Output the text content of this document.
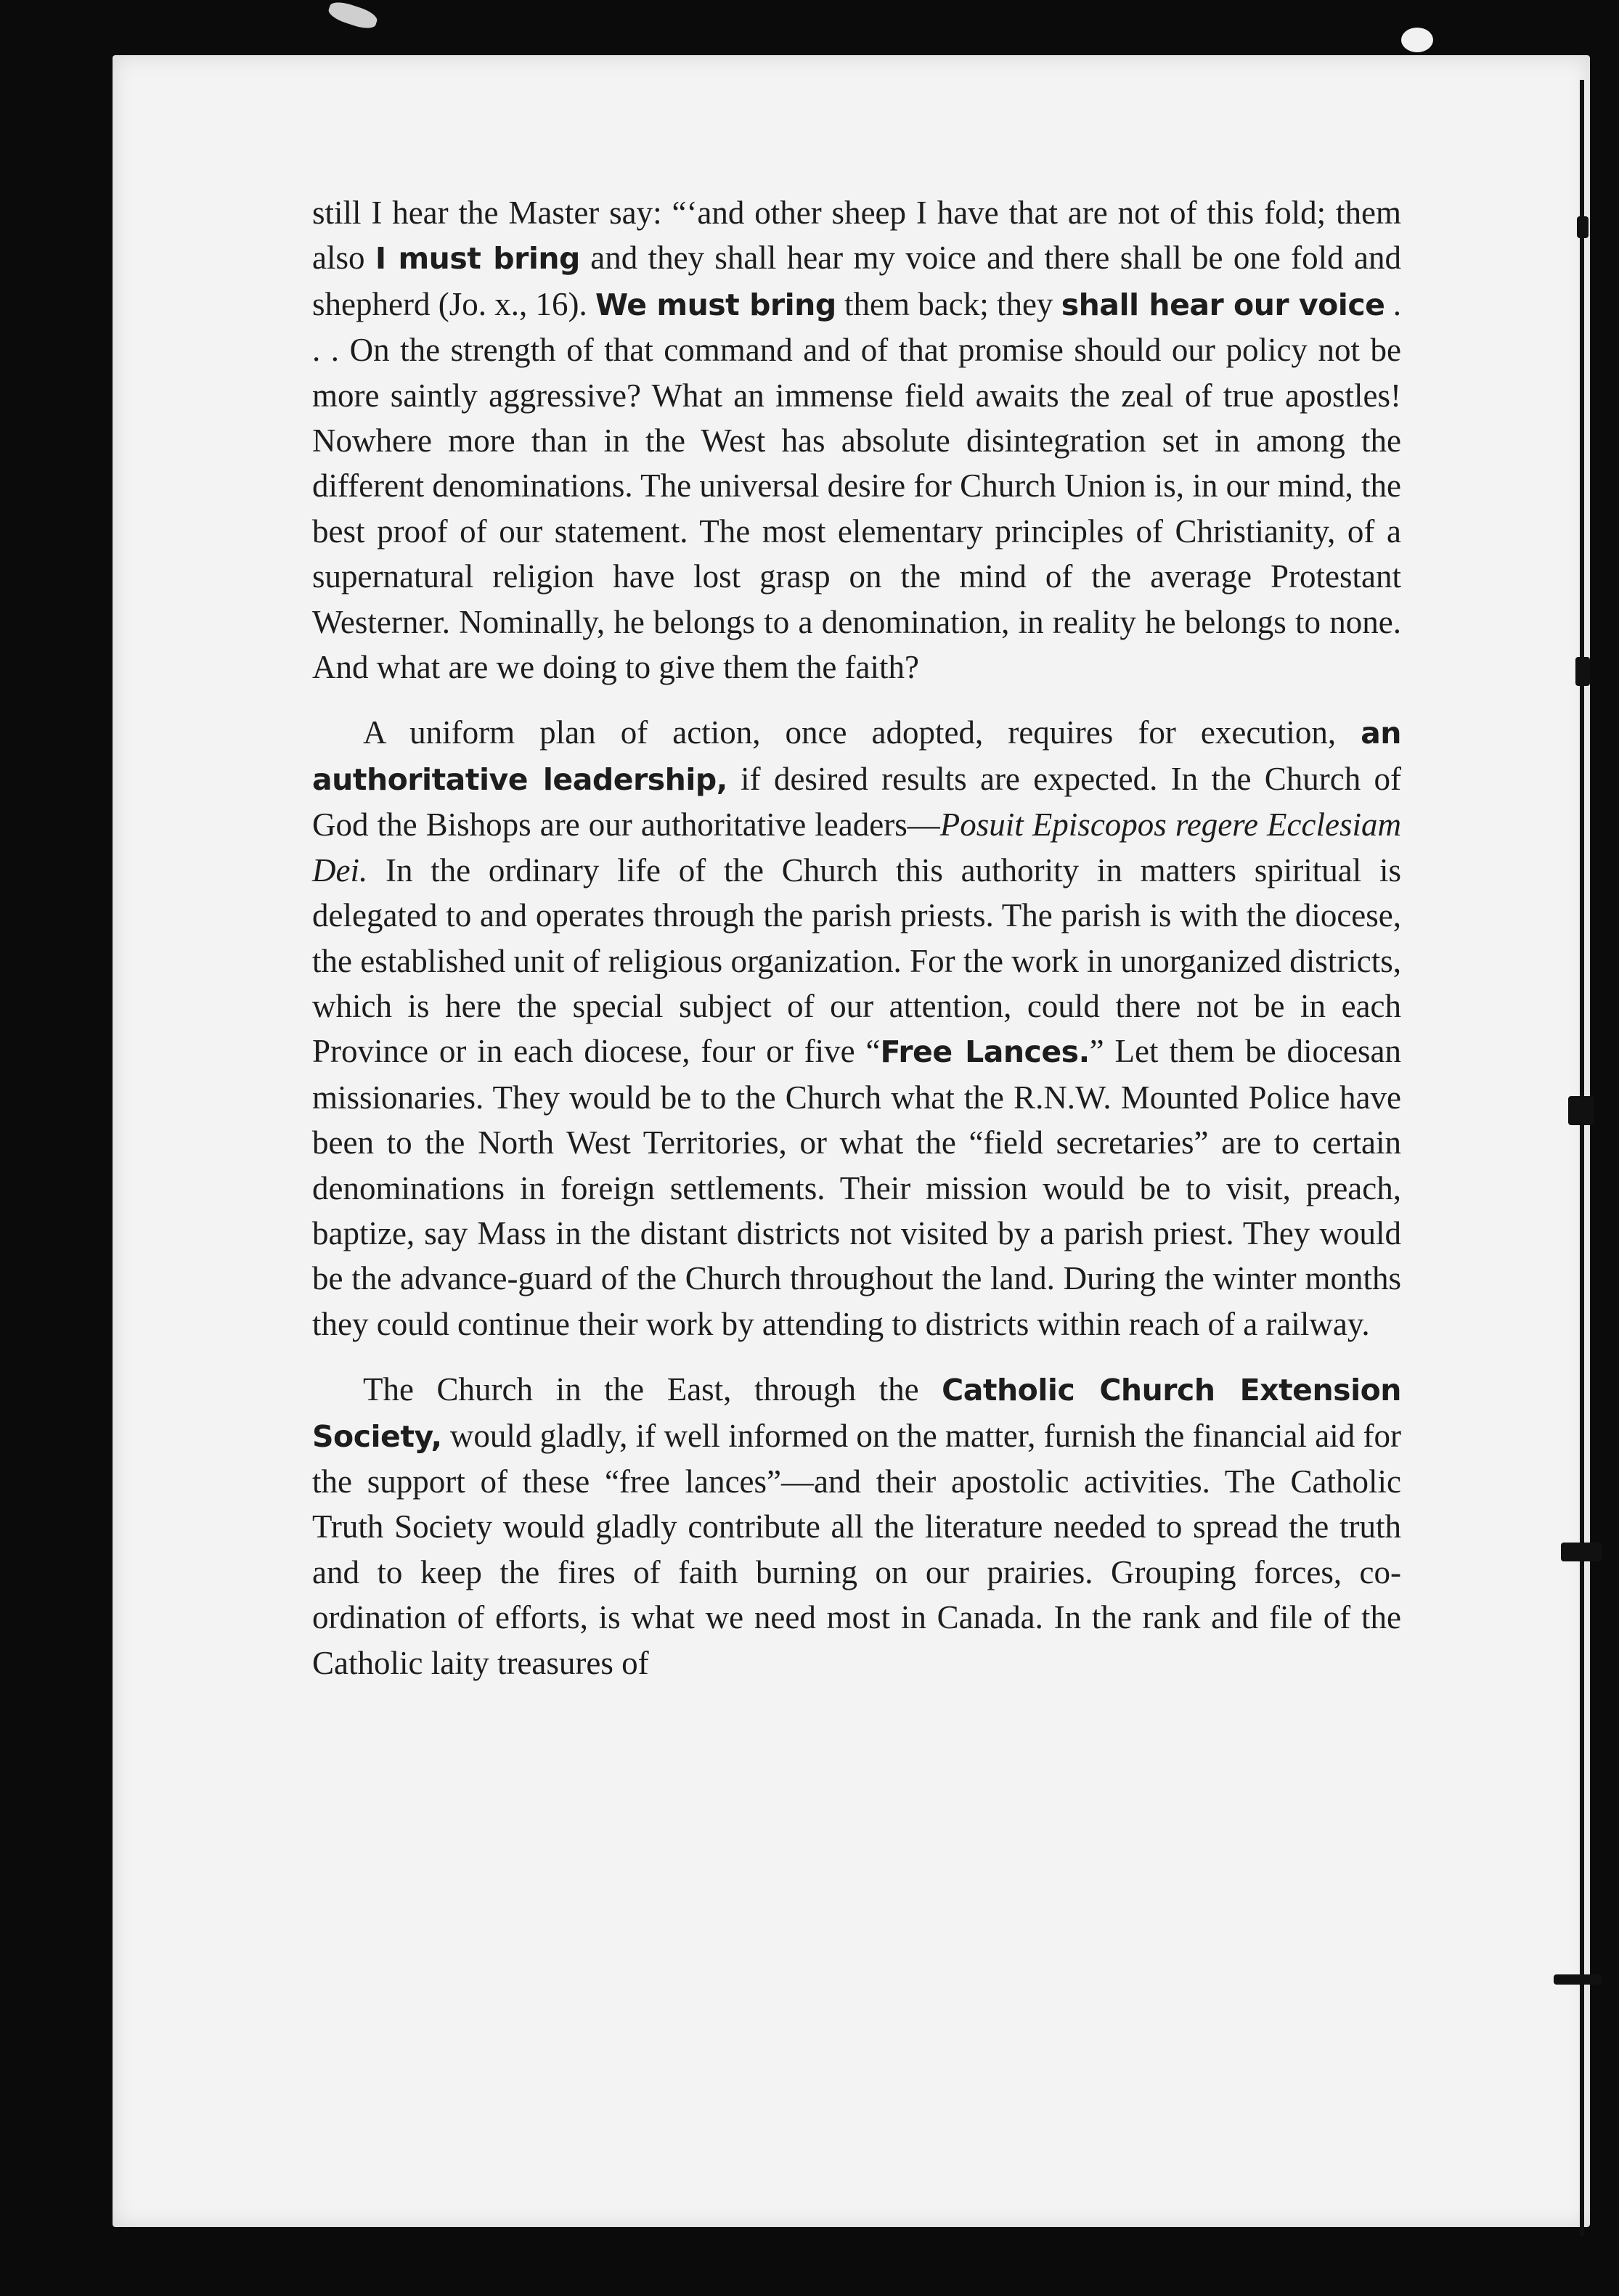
still I hear the Master say: “‘and other sheep I have that are not of this fold; them also I must bring and they shall hear my voice and there shall be one fold and shepherd (Jo. x., 16). We must bring them back; they shall hear our voice . . . On the strength of that command and of that promise should our policy not be more saintly aggressive? What an immense field awaits the zeal of true apostles! Nowhere more than in the West has absolute disintegration set in among the different denominations. The universal desire for Church Union is, in our mind, the best proof of our statement. The most elementary principles of Christianity, of a supernatural religion have lost grasp on the mind of the average Protestant Westerner. Nominally, he belongs to a denomination, in reality he belongs to none. And what are we doing to give them the faith?

A uniform plan of action, once adopted, requires for execution, an authoritative leadership, if desired results are expected. In the Church of God the Bishops are our authoritative leaders—Posuit Episcopos regere Ecclesiam Dei. In the ordinary life of the Church this authority in matters spiritual is delegated to and operates through the parish priests. The parish is with the diocese, the established unit of religious organization. For the work in unorganized districts, which is here the special subject of our attention, could there not be in each Province or in each diocese, four or five “Free Lances.” Let them be diocesan missionaries. They would be to the Church what the R.N.W. Mounted Police have been to the North West Territories, or what the “field secretaries” are to certain denominations in foreign settlements. Their mission would be to visit, preach, baptize, say Mass in the distant districts not visited by a parish priest. They would be the advance-guard of the Church throughout the land. During the winter months they could continue their work by attending to districts within reach of a railway.

The Church in the East, through the Catholic Church Extension Society, would gladly, if well informed on the matter, furnish the financial aid for the support of these “free lances”—and their apostolic activities. The Catholic Truth Society would gladly contribute all the literature needed to spread the truth and to keep the fires of faith burning on our prairies. Grouping forces, co-ordination of efforts, is what we need most in Canada. In the rank and file of the Catholic laity treasures of
